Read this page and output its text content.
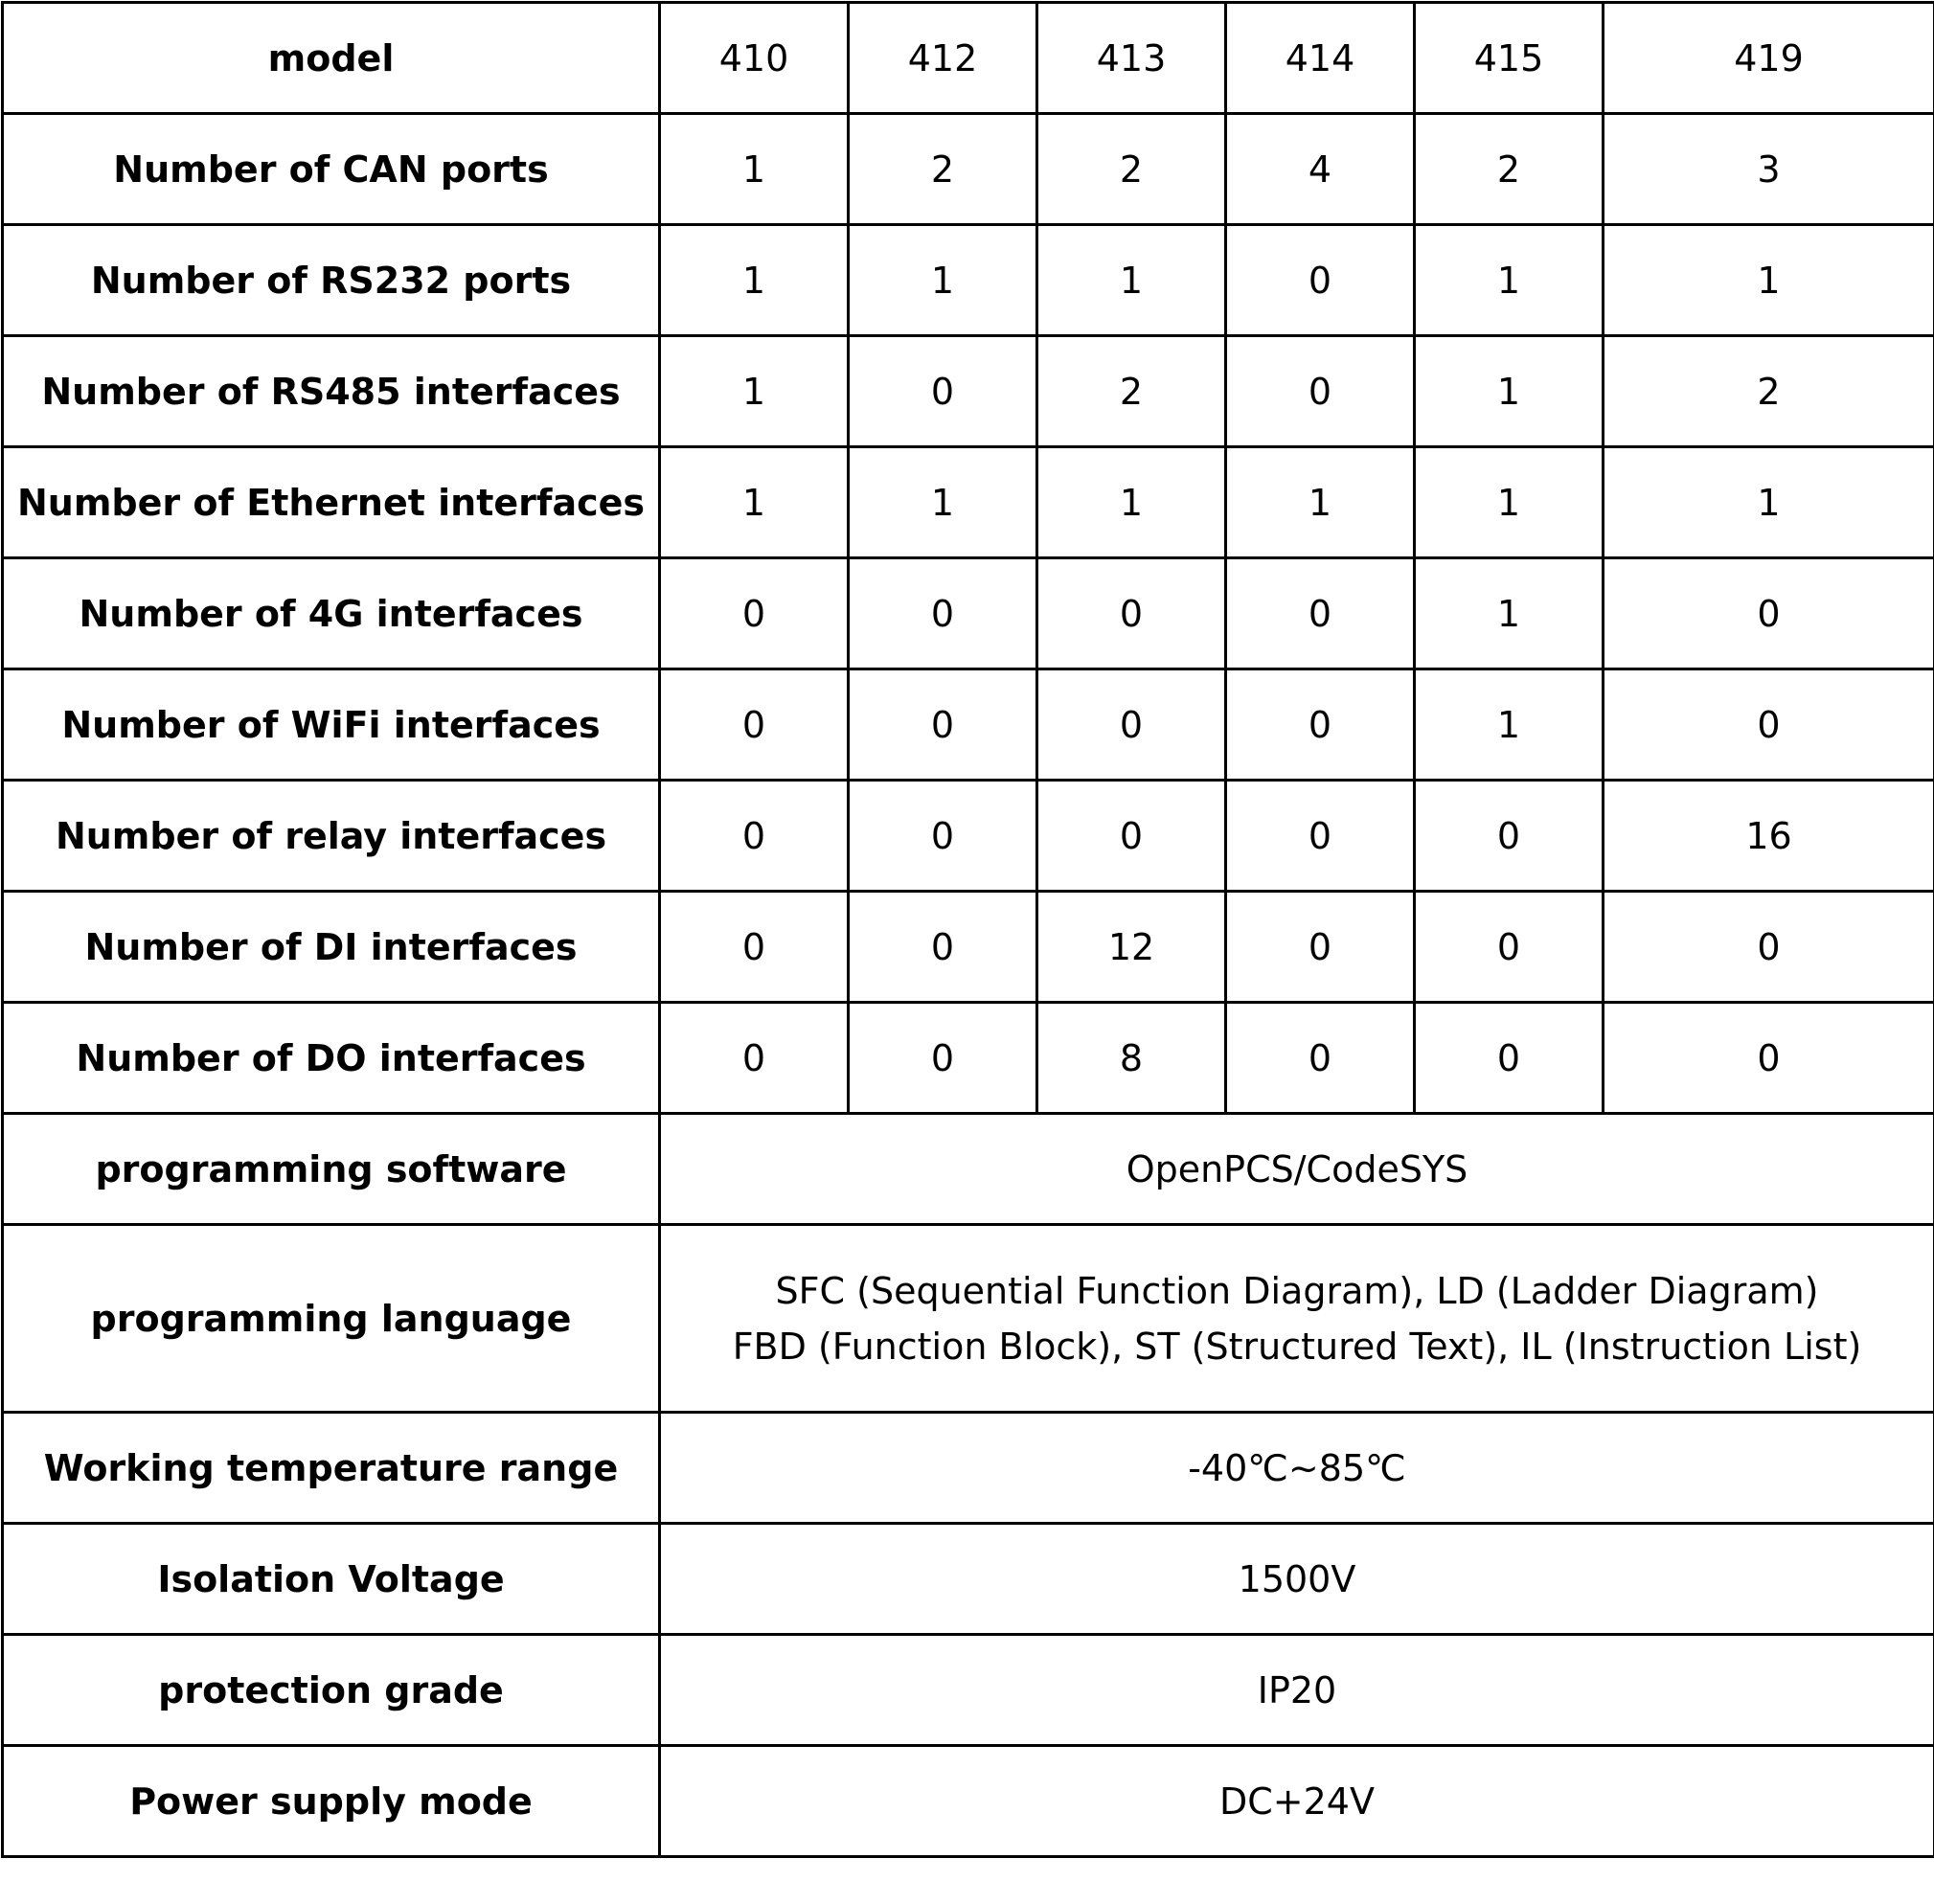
model	410	412	413	414	415	419
Number of CAN ports	1	2	2	4	2	3
Number of RS232 ports	1	1	1	0	1	1
Number of RS485 interfaces	1	0	2	0	1	2
Number of Ethernet interfaces	1	1	1	1	1	1
Number of 4G interfaces	0	0	0	0	1	0
Number of WiFi interfaces	0	0	0	0	1	0
Number of relay interfaces	0	0	0	0	0	16
Number of DI interfaces	0	0	12	0	0	0
Number of DO interfaces	0	0	8	0	0	0
programming software	OpenPCS/CodeSYS					
programming language	SFC (Sequential Function Diagram), LD (Ladder Diagram)
FBD (Function Block), ST (Structured Text), IL (Instruction List)					

Working temperature range	-40℃~85℃					
Isolation Voltage	1500V					
protection grade	IP20					
Power supply mode	DC+24V					
